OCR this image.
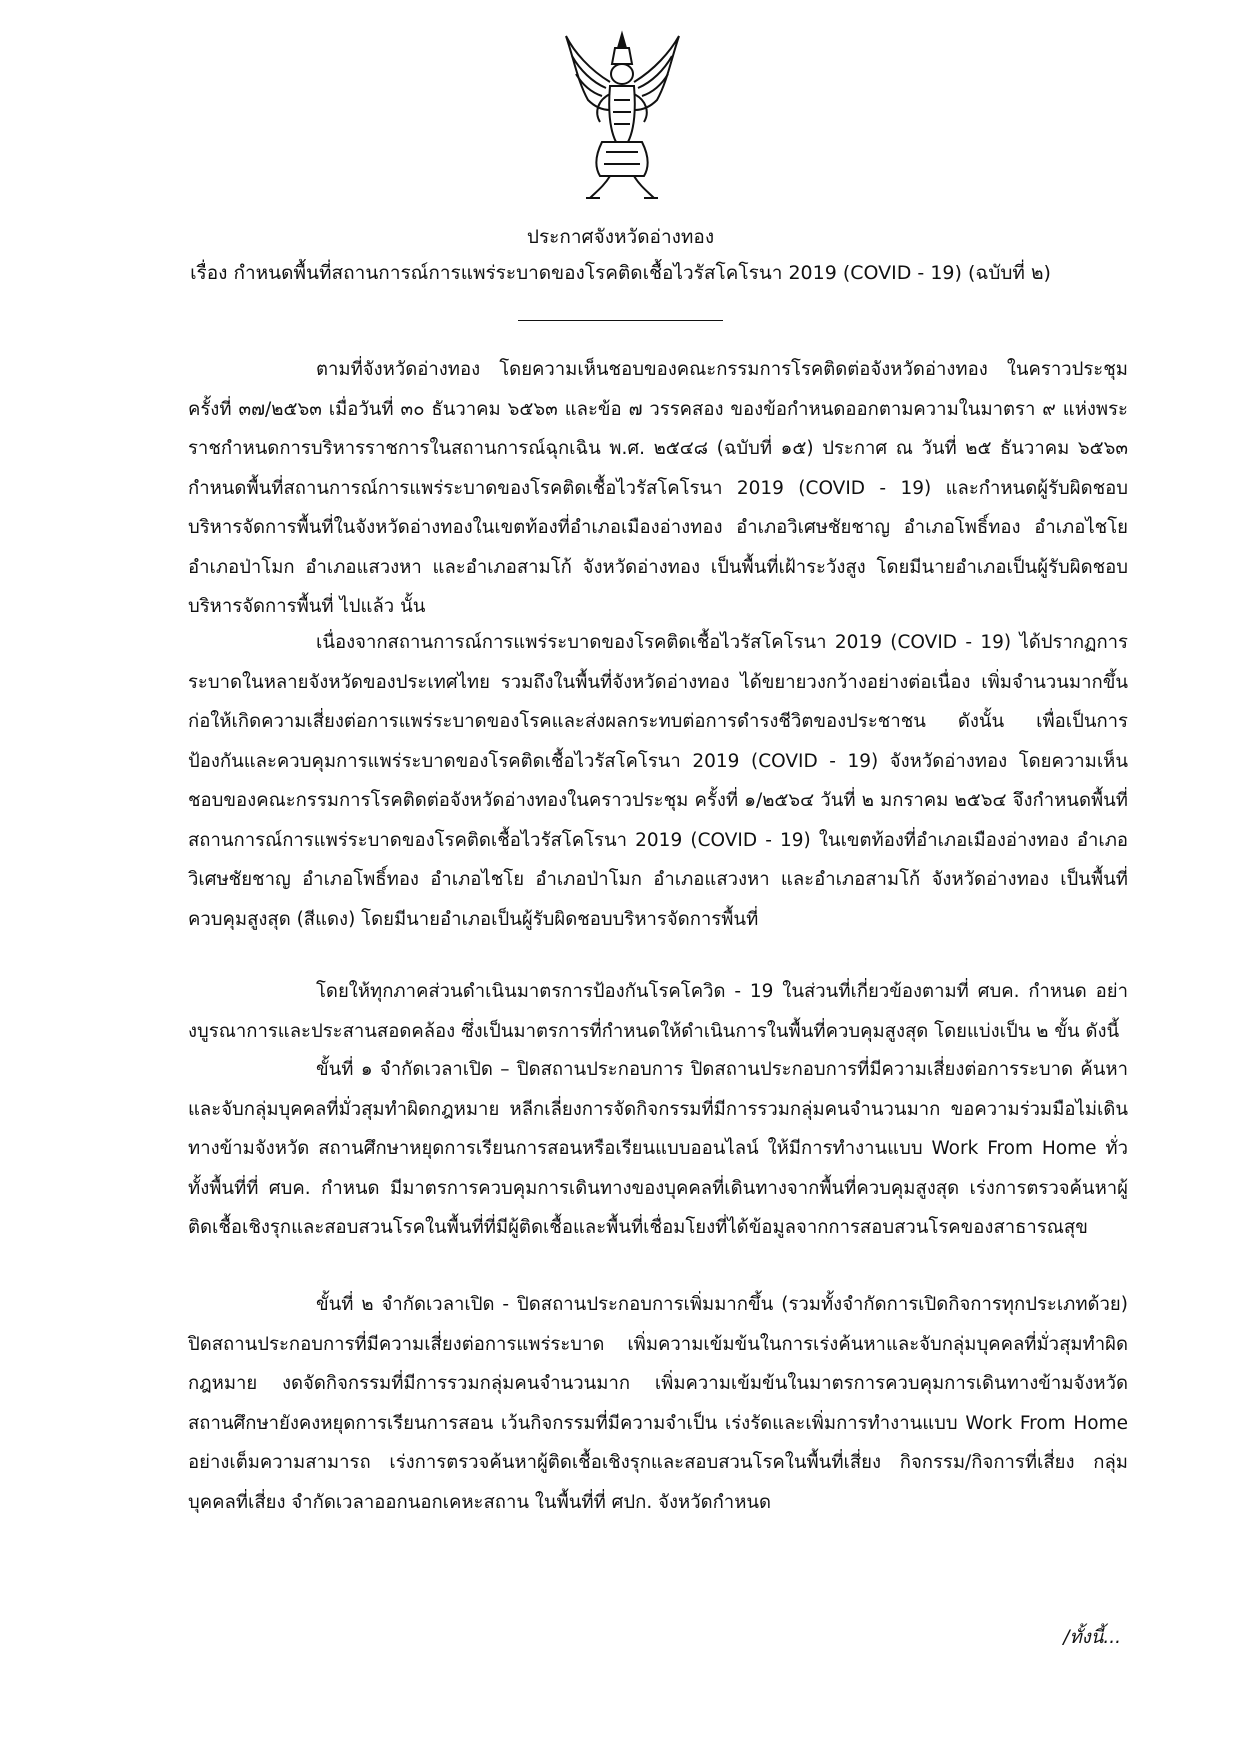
ประกาศจังหวัดอ่างทอง
เรื่อง กำหนดพื้นที่สถานการณ์การแพร่ระบาดของโรคติดเชื้อไวรัสโคโรนา 2019 (COVID - 19) (ฉบับที่ ๒)

ตามที่จังหวัดอ่างทอง โดยความเห็นชอบของคณะกรรมการโรคติดต่อจังหวัดอ่างทอง ในคราวประชุม ครั้งที่ ๓๗/๒๕๖๓ เมื่อวันที่ ๓๐ ธันวาคม ๖๕๖๓ และข้อ ๗ วรรคสอง ของข้อกำหนดออกตามความในมาตรา ๙ แห่งพระราชกำหนดการบริหารราชการในสถานการณ์ฉุกเฉิน พ.ศ. ๒๕๔๘ (ฉบับที่ ๑๕) ประกาศ ณ วันที่ ๒๕ ธันวาคม ๖๕๖๓ กำหนดพื้นที่สถานการณ์การแพร่ระบาดของโรคติดเชื้อไวรัสโคโรนา 2019 (COVID - 19) และกำหนดผู้รับผิดชอบบริหารจัดการพื้นที่ในจังหวัดอ่างทองในเขตท้องที่อำเภอเมืองอ่างทอง อำเภอวิเศษชัยชาญ อำเภอโพธิ์ทอง อำเภอไชโย อำเภอป่าโมก อำเภอแสวงหา และอำเภอสามโก้ จังหวัดอ่างทอง เป็นพื้นที่เฝ้าระวังสูง โดยมีนายอำเภอเป็นผู้รับผิดชอบบริหารจัดการพื้นที่ ไปแล้ว นั้น

เนื่องจากสถานการณ์การแพร่ระบาดของโรคติดเชื้อไวรัสโคโรนา 2019 (COVID - 19) ได้ปรากฏการระบาดในหลายจังหวัดของประเทศไทย รวมถึงในพื้นที่จังหวัดอ่างทอง ได้ขยายวงกว้างอย่างต่อเนื่อง เพิ่มจำนวนมากขึ้น ก่อให้เกิดความเสี่ยงต่อการแพร่ระบาดของโรคและส่งผลกระทบต่อการดำรงชีวิตของประชาชน ดังนั้น เพื่อเป็นการป้องกันและควบคุมการแพร่ระบาดของโรคติดเชื้อไวรัสโคโรนา 2019 (COVID - 19) จังหวัดอ่างทอง โดยความเห็นชอบของคณะกรรมการโรคติดต่อจังหวัดอ่างทองในคราวประชุม ครั้งที่ ๑/๒๕๖๔ วันที่ ๒ มกราคม ๒๕๖๔ จึงกำหนดพื้นที่สถานการณ์การแพร่ระบาดของโรคติดเชื้อไวรัสโคโรนา 2019 (COVID - 19) ในเขตท้องที่อำเภอเมืองอ่างทอง อำเภอวิเศษชัยชาญ อำเภอโพธิ์ทอง อำเภอไชโย อำเภอป่าโมก อำเภอแสวงหา และอำเภอสามโก้ จังหวัดอ่างทอง เป็นพื้นที่ควบคุมสูงสุด (สีแดง) โดยมีนายอำเภอเป็นผู้รับผิดชอบบริหารจัดการพื้นที่

โดยให้ทุกภาคส่วนดำเนินมาตรการป้องกันโรคโควิด - 19 ในส่วนที่เกี่ยวข้องตามที่ ศบค. กำหนด อย่างบูรณาการและประสานสอดคล้อง ซึ่งเป็นมาตรการที่กำหนดให้ดำเนินการในพื้นที่ควบคุมสูงสุด โดยแบ่งเป็น ๒ ขั้น ดังนี้

ขั้นที่ ๑ จำกัดเวลาเปิด – ปิดสถานประกอบการ ปิดสถานประกอบการที่มีความเสี่ยงต่อการระบาด ค้นหาและจับกลุ่มบุคคลที่มั่วสุมทำผิดกฎหมาย หลีกเลี่ยงการจัดกิจกรรมที่มีการรวมกลุ่มคนจำนวนมาก ขอความร่วมมือไม่เดินทางข้ามจังหวัด สถานศึกษาหยุดการเรียนการสอนหรือเรียนแบบออนไลน์ ให้มีการทำงานแบบ Work From Home ทั่วทั้งพื้นที่ที่ ศบค. กำหนด มีมาตรการควบคุมการเดินทางของบุคคลที่เดินทางจากพื้นที่ควบคุมสูงสุด เร่งการตรวจค้นหาผู้ติดเชื้อเชิงรุกและสอบสวนโรคในพื้นที่ที่มีผู้ติดเชื้อและพื้นที่เชื่อมโยงที่ได้ข้อมูลจากการสอบสวนโรคของสาธารณสุข

ขั้นที่ ๒ จำกัดเวลาเปิด - ปิดสถานประกอบการเพิ่มมากขึ้น (รวมทั้งจำกัดการเปิดกิจการทุกประเภทด้วย) ปิดสถานประกอบการที่มีความเสี่ยงต่อการแพร่ระบาด เพิ่มความเข้มข้นในการเร่งค้นหาและจับกลุ่มบุคคลที่มั่วสุมทำผิดกฎหมาย งดจัดกิจกรรมที่มีการรวมกลุ่มคนจำนวนมาก เพิ่มความเข้มข้นในมาตรการควบคุมการเดินทางข้ามจังหวัด สถานศึกษายังคงหยุดการเรียนการสอน เว้นกิจกรรมที่มีความจำเป็น เร่งรัดและเพิ่มการทำงานแบบ Work From Home อย่างเต็มความสามารถ เร่งการตรวจค้นหาผู้ติดเชื้อเชิงรุกและสอบสวนโรคในพื้นที่เสี่ยง กิจกรรม/กิจการที่เสี่ยง กลุ่มบุคคลที่เสี่ยง จำกัดเวลาออกนอกเคหะสถาน ในพื้นที่ที่ ศปก. จังหวัดกำหนด

/ทั้งนี้...
